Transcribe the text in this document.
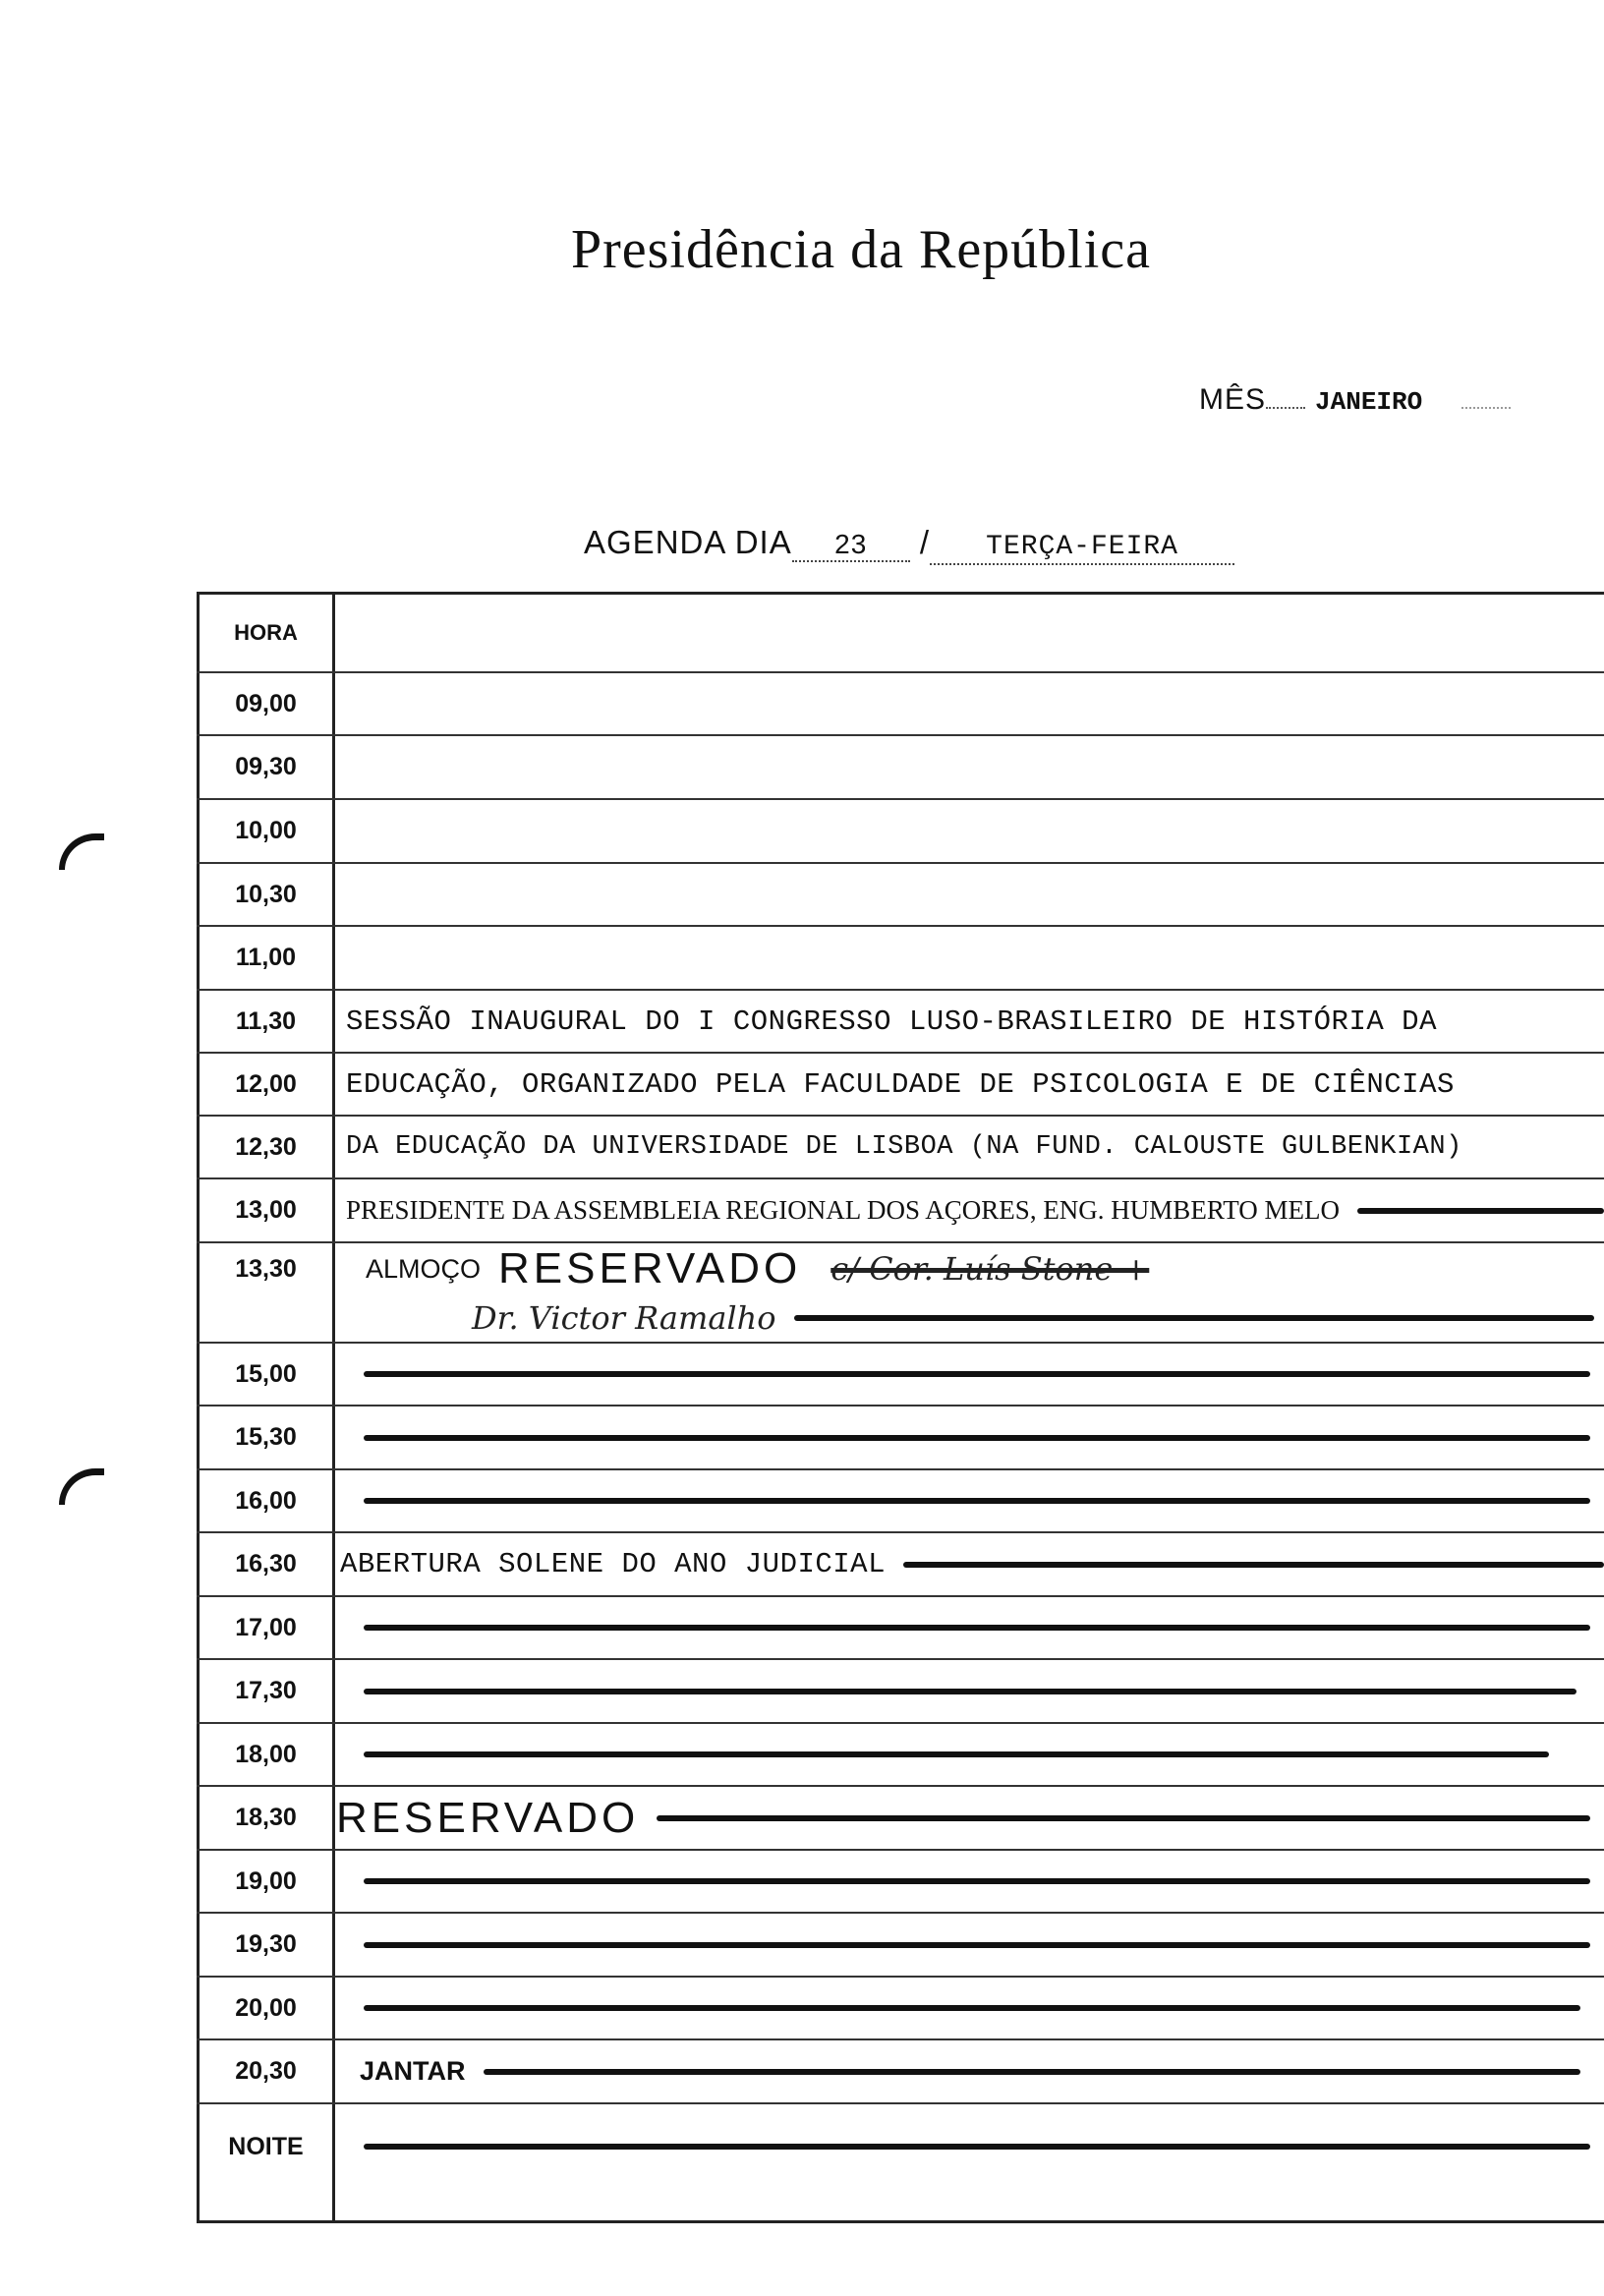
Presidência da República
MÊS JANEIRO
AGENDA DIA 23 / TERÇA-FEIRA
HORA
09,00
09,30
10,00
10,30
11,00
11,30	SESSÃO INAUGURAL DO I CONGRESSO LUSO-BRASILEIRO DE HISTÓRIA DA
12,00	EDUCAÇÃO, ORGANIZADO PELA FACULDADE DE PSICOLOGIA E DE CIÊNCIAS
12,30	DA EDUCAÇÃO DA UNIVERSIDADE DE LISBOA (NA FUND. CALOUSTE GULBENKIAN)
13,00	PRESIDENTE DA ASSEMBLEIA REGIONAL DOS AÇORES, ENG. HUMBERTO MELO
13,30	ALMOÇO RESERVADO c/ Cor. Luís Stone +
Dr. Victor Ramalho
15,00
15,30
16,00
16,30	ABERTURA SOLENE DO ANO JUDICIAL
17,00
17,30
18,00
18,30 RESERVADO
19,00
19,30
20,00
20,30	JANTAR
NOITE
